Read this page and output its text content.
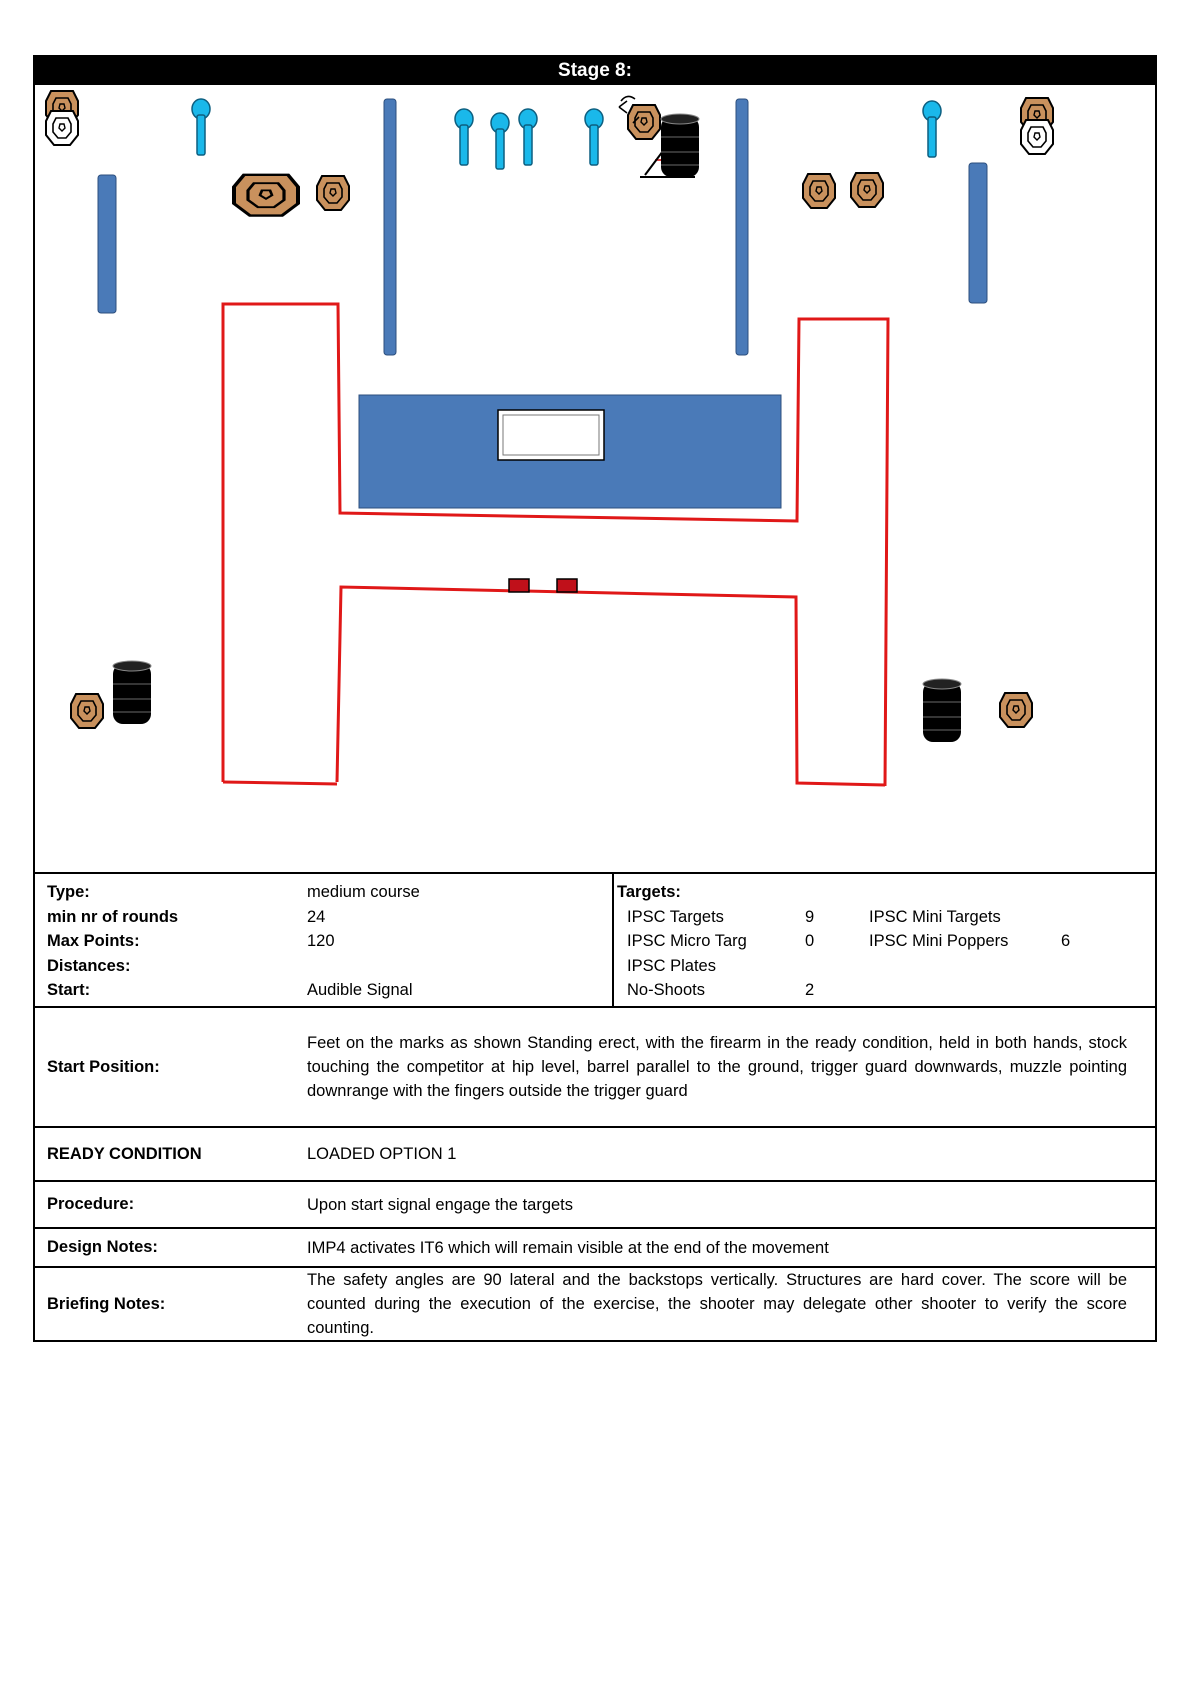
Stage 8:
Type:	medium course
min nr of rounds	24
Max Points:	120
Distances:
Start:	Audible Signal
Targets:
IPSC Targets	9	IPSC Mini Targets
IPSC Micro Targ	0	IPSC Mini Poppers	6
IPSC Plates
No-Shoots	2
Start Position:
Feet on the marks as shown Standing erect, with the firearm in the ready condition, held in both hands, stock touching the competitor at hip level, barrel parallel to the ground, trigger guard downwards, muzzle pointing downrange with the fingers outside the trigger guard
READY CONDITION	LOADED OPTION 1
Procedure:	Upon start signal engage the targets
Design Notes:	IMP4 activates IT6 which will remain visible at the end of the movement
Briefing Notes:
The safety angles are 90 lateral and the backstops vertically. Structures are hard cover. The score will be counted during the execution of the exercise, the shooter may delegate other shooter to verify the score counting.
